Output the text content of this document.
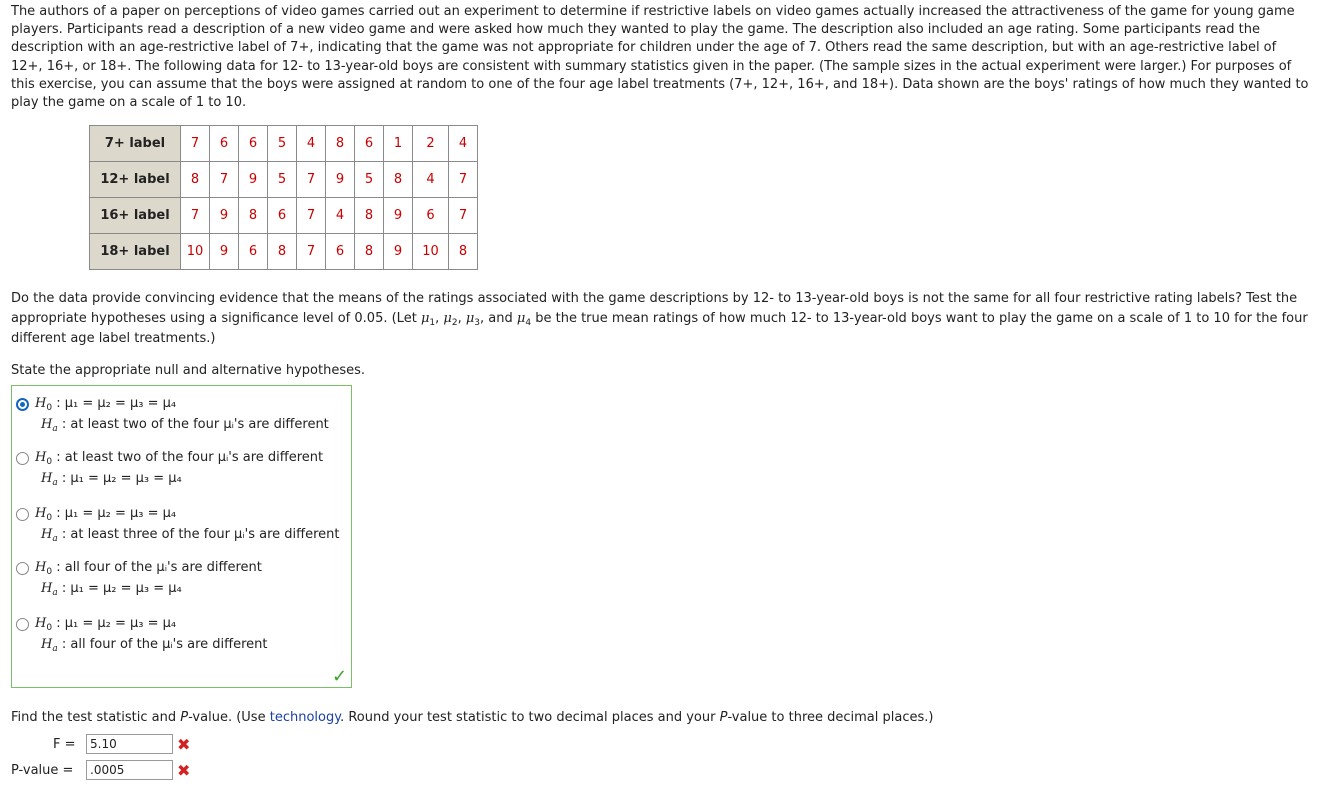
The authors of a paper on perceptions of video games carried out an experiment to determine if restrictive labels on video games actually increased the attractiveness of the game for young game players. Participants read a description of a new video game and were asked how much they wanted to play the game. The description also included an age rating. Some participants read the description with an age-restrictive label of 7+, indicating that the game was not appropriate for children under the age of 7. Others read the same description, but with an age-restrictive label of 12+, 16+, or 18+. The following data for 12- to 13-year-old boys are consistent with summary statistics given in the paper. (The sample sizes in the actual experiment were larger.) For purposes of this exercise, you can assume that the boys were assigned at random to one of the four age label treatments (7+, 12+, 16+, and 18+). Data shown are the boys' ratings of how much they wanted to play the game on a scale of 1 to 10.

7+ label	7	6	6	5	4	8	6	1	2	4
12+ label	8	7	9	5	7	9	5	8	4	7
16+ label	7	9	8	6	7	4	8	9	6	7
18+ label	10	9	6	8	7	6	8	9	10	8

Do the data provide convincing evidence that the means of the ratings associated with the game descriptions by 12- to 13-year-old boys is not the same for all four restrictive rating labels? Test the appropriate hypotheses using a significance level of 0.05. (Let $\mu_1$, $\mu_2$, $\mu_3$, and $\mu_4$ be the true mean ratings of how much 12- to 13-year-old boys want to play the game on a scale of 1 to 10 for the four different age label treatments.)

State the appropriate null and alternative hypotheses.

✓
$H_0$ : μ₁ = μ₂ = μ₃ = μ₄
$H_a$ : at least two of the four μᵢ's are different
$H_0$ : at least two of the four μᵢ's are different
$H_a$ : μ₁ = μ₂ = μ₃ = μ₄
$H_0$ : μ₁ = μ₂ = μ₃ = μ₄
$H_a$ : at least three of the four μᵢ's are different
$H_0$ : all four of the μᵢ's are different
$H_a$ : μ₁ = μ₂ = μ₃ = μ₄
$H_0$ : μ₁ = μ₂ = μ₃ = μ₄
$H_a$ : all four of the μᵢ's are different

Find the test statistic and P-value. (Use technology. Round your test statistic to two decimal places and your P-value to three decimal places.)

F =
5.10	✖
P-value =
.0005	✖
